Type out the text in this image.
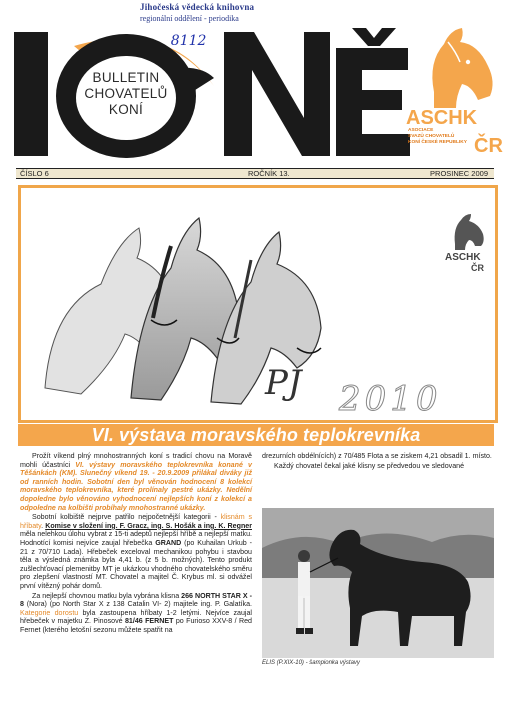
Jihočeská vědecká knihovna
regionální oddělení - periodika
8112
BULLETIN
CHOVATELŮ
KONÍ	ASCHK
ČR
ASOCIACE
SVAZŮ CHOVATELŮ
KONÍ ČESKÉ REPUBLIKY
ČÍSLO 6	ROČNÍK 13.	PROSINEC 2009
PJ 2010
ASCHK
ČR
VI. výstava moravského teplokrevníka

Prožít víkend plný mnohostranných koní s tradicí chovu na Moravě mohli účastníci VI. výstavy moravského teplokrevníka konané v Těšánkách (KM). Slunečný víkend 19. - 20.9.2009 přilákal diváky již od ranních hodin. Sobotní den byl věnován hodnocení 8 kolekcí moravského teplokrevníka, které prolínaly pestré ukázky. Nedělní dopoledne bylo věnováno vyhodnocení nejlepších koní z kolekcí a odpoledne na kolbišti probíhaly mnohostranné ukázky.

Sobotní kolbiště nejprve patřilo nejpočetnější kategorii - klisnám s hříbaty. Komise v složení ing. F. Gracz, ing. S. Hošák a ing. K. Regner měla nelehkou úlohu vybrat z 15-ti adeptů nejlepší hříbě a nejlepší matku. Hodnotící komisi nejvíce zaujal hřebečka GRAND (po Kuhailan Urkub - 21 z 70/710 Lada). Hřebeček exceloval mechanikou pohybu i stavbou těla a výsledná známka byla 4,41 b. (z 5 b. možných). Tento produkt zušlechťovací plemenitby MT je ukázkou vhodného chovatelského směru pro zlepšení vlastností MT. Chovatel a majitel Č. Krybus ml. si odvážel první vítězný pohár domů.

Za nejlepší chovnou matku byla vybrána klisna 266 NORTH STAR X - 8 (Nora) (po North Star X z 138 Catalin VI- 2) majitele ing. P. Galatíka. Kategorie dorostu byla zastoupena hříbaty 1-2 letými. Nejvíce zaujal hřebeček v majetku Z. Pinosové 81/46 FERNET po Furioso XXV-8 / Red Fernet (kterého letošní sezonu můžete spatřit na

drezurních obdélnících) z 70/485 Flota a se ziskem 4,21 obsadil 1. místo.

Každý chovatel čekal jaké klisny se předvedou ve sledované

ELIS (P.XIX-10) - šampionka výstavy
